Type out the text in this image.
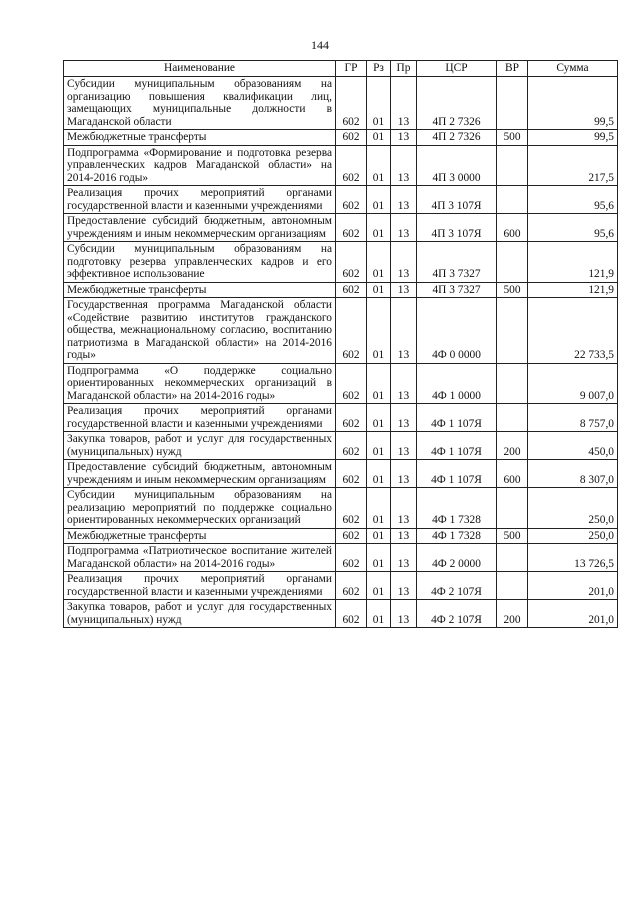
144
Наименование	ГР	Рз	Пр	ЦСР	ВР	Сумма
Субсидии муниципальным образованиям на организацию повышения квалификации лиц, замещающих муниципальные должности в Магаданской области	602	01	13	4П 2 7326		99,5
Межбюджетные трансферты	602	01	13	4П 2 7326	500	99,5
Подпрограмма «Формирование и подготовка резерва управленческих кадров Магаданской области» на 2014-2016 годы»	602	01	13	4П 3 0000		217,5
Реализация прочих мероприятий органами государственной власти и казенными учреждениями	602	01	13	4П 3 107Я		95,6
Предоставление субсидий бюджетным, автономным учреждениям и иным некоммерческим организациям	602	01	13	4П 3 107Я	600	95,6
Субсидии муниципальным образованиям на подготовку резерва управленческих кадров и его эффективное использование	602	01	13	4П 3 7327		121,9
Межбюджетные трансферты	602	01	13	4П 3 7327	500	121,9
Государственная программа Магаданской области «Содействие развитию институтов гражданского общества, межнациональному согласию, воспитанию патриотизма в Магаданской области» на 2014-2016 годы»	602	01	13	4Ф 0 0000		22 733,5
Подпрограмма «О поддержке социально ориентированных некоммерческих организаций в Магаданской области» на 2014-2016 годы»	602	01	13	4Ф 1 0000		9 007,0
Реализация прочих мероприятий органами государственной власти и казенными учреждениями	602	01	13	4Ф 1 107Я		8 757,0
Закупка товаров, работ и услуг для государственных (муниципальных) нужд	602	01	13	4Ф 1 107Я	200	450,0
Предоставление субсидий бюджетным, автономным учреждениям и иным некоммерческим организациям	602	01	13	4Ф 1 107Я	600	8 307,0
Субсидии муниципальным образованиям на реализацию мероприятий по поддержке социально ориентированных некоммерческих организаций	602	01	13	4Ф 1 7328		250,0
Межбюджетные трансферты	602	01	13	4Ф 1 7328	500	250,0
Подпрограмма «Патриотическое воспитание жителей Магаданской области» на 2014-2016 годы»	602	01	13	4Ф 2 0000		13 726,5
Реализация прочих мероприятий органами государственной власти и казенными учреждениями	602	01	13	4Ф 2 107Я		201,0
Закупка товаров, работ и услуг для государственных (муниципальных) нужд	602	01	13	4Ф 2 107Я	200	201,0
